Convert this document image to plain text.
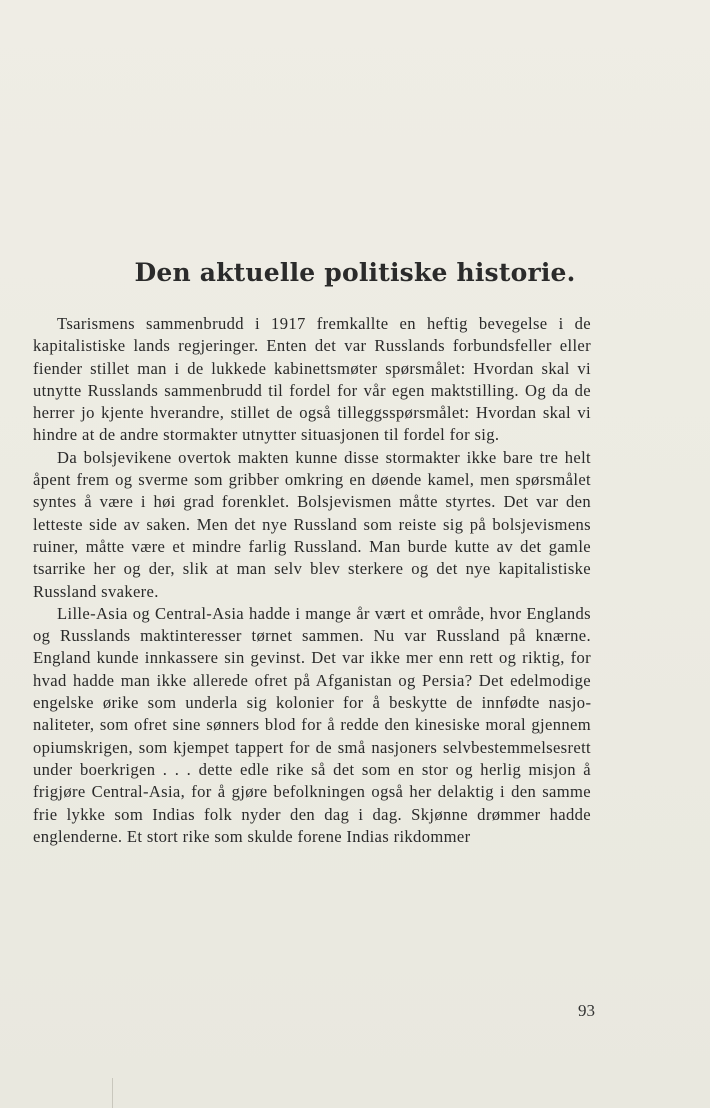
Den aktuelle politiske historie.

Tsarismens sammenbrudd i 1917 fremkallte en heftig bevegelse i de kapitalistiske lands regjeringer. Enten det var Russlands forbundsfeller eller fiender stillet man i de lukkede kabinettsmøter spørsmålet: Hvordan skal vi utnytte Russlands sammenbrudd til fordel for vår egen maktstilling. Og da de herrer jo kjente hverandre, stillet de også tilleggsspørsmålet: Hvordan skal vi hindre at de andre stormakter utnytter situasjonen til fordel for sig.

Da bolsjevikene overtok makten kunne disse stormakter ikke bare tre helt åpent frem og sverme som gribber omkring en døende kamel, men spørsmålet syntes å være i høi grad forenklet. Bolsjevismen måtte styrtes. Det var den letteste side av saken. Men det nye Russland som reiste sig på bolsjevismens ruiner, måtte være et mindre farlig Russland. Man burde kutte av det gamle tsarrike her og der, slik at man selv blev sterkere og det nye kapitalistiske Russland svakere.

Lille-Asia og Central-Asia hadde i mange år vært et område, hvor Englands og Russlands maktinteresser tørnet sammen. Nu var Russland på knærne. England kunde innkassere sin gevinst. Det var ikke mer enn rett og riktig, for hvad hadde man ikke allerede ofret på Afganistan og Persia? Det edelmodige engelske ørike som underla sig kolonier for å beskytte de innfødte nasjonaliteter, som ofret sine sønners blod for å redde den kinesiske moral gjennem opiumskrigen, som kjempet tappert for de små nasjoners selvbestemmelsesrett under boerkrigen . . . dette edle rike så det som en stor og herlig misjon å frigjøre Central-Asia, for å gjøre befolkningen også her delaktig i den samme frie lykke som Indias folk nyder den dag i dag. Skjønne drømmer hadde englenderne. Et stort rike som skulde forene Indias rikdommer

93
